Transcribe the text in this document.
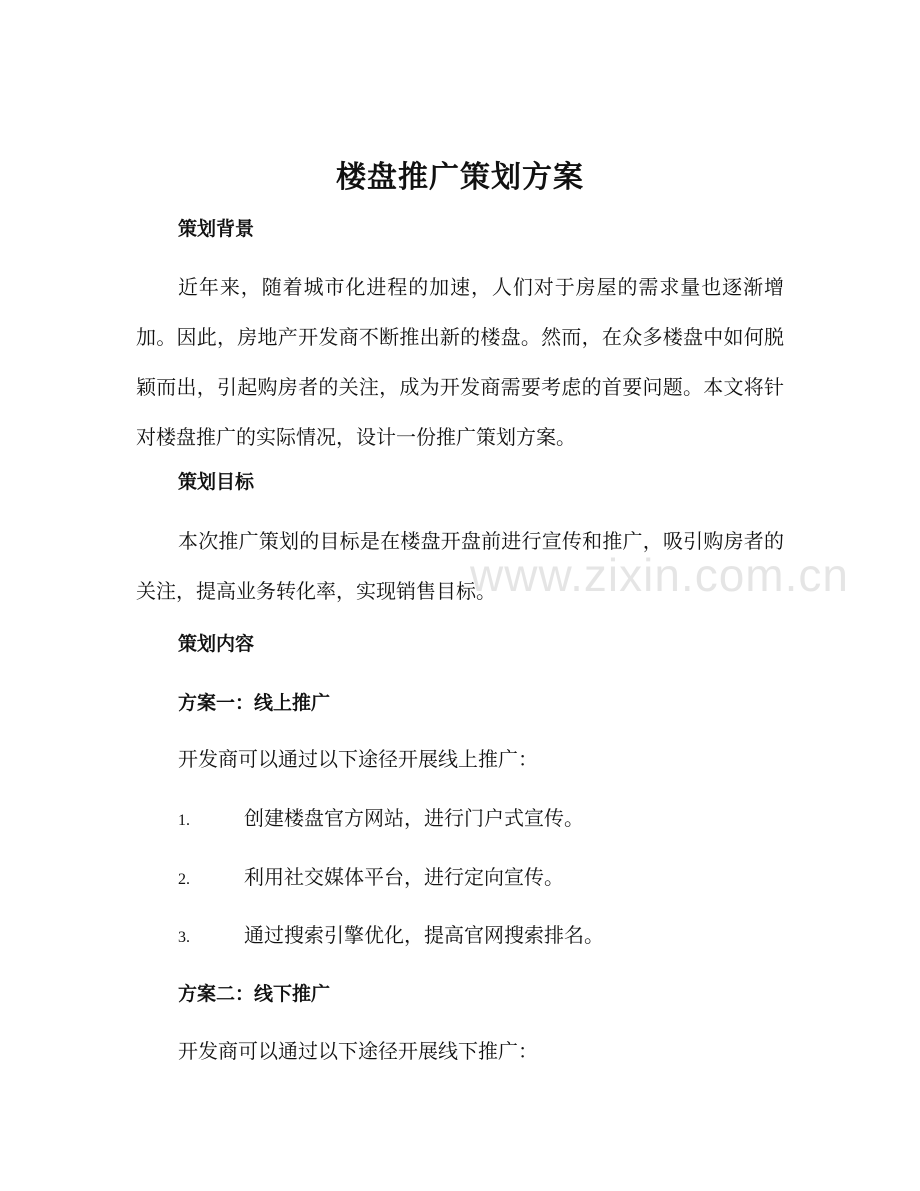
楼盘推广策划方案
策划背景
近年来，随着城市化进程的加速，人们对于房屋的需求量也逐渐增加。因此，房地产开发商不断推出新的楼盘。然而，在众多楼盘中如何脱颖而出，引起购房者的关注，成为开发商需要考虑的首要问题。本文将针对楼盘推广的实际情况，设计一份推广策划方案。
策划目标
本次推广策划的目标是在楼盘开盘前进行宣传和推广，吸引购房者的关注，提高业务转化率，实现销售目标。
策划内容
方案一：线上推广
开发商可以通过以下途径开展线上推广：
1.	创建楼盘官方网站，进行门户式宣传。
2.	利用社交媒体平台，进行定向宣传。
3.	通过搜索引擎优化，提高官网搜索排名。
方案二：线下推广
开发商可以通过以下途径开展线下推广：
www.zixin.com.cn
